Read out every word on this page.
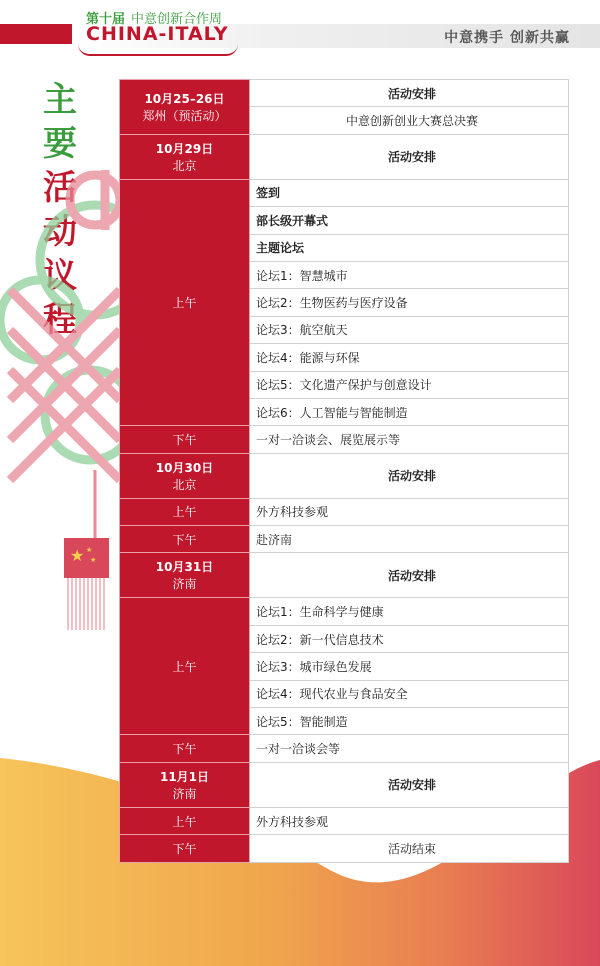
第十届 中意创新合作周
CHINA-ITALY	中意携手 创新共赢
主
要
活
动
议
程
★ ★
★
10月25–26日
郑州（预活动）	活动安排
	中意创新创业大赛总决赛

10月29日
北京	活动安排
上午	签到
	部长级开幕式
	主题论坛
	论坛1：智慧城市
	论坛2：生物医药与医疗设备
	论坛3：航空航天
	论坛4：能源与环保
	论坛5：文化遗产保护与创意设计
	论坛6：人工智能与智能制造
下午	一对一洽谈会、展览展示等

10月30日
北京	活动安排
上午	外方科技参观
下午	赴济南

10月31日
济南	活动安排
上午	论坛1：生命科学与健康
	论坛2：新一代信息技术
	论坛3：城市绿色发展
	论坛4：现代农业与食品安全
	论坛5：智能制造
下午	一对一洽谈会等

11月1日
济南	活动安排
上午	外方科技参观
下午	活动结束
